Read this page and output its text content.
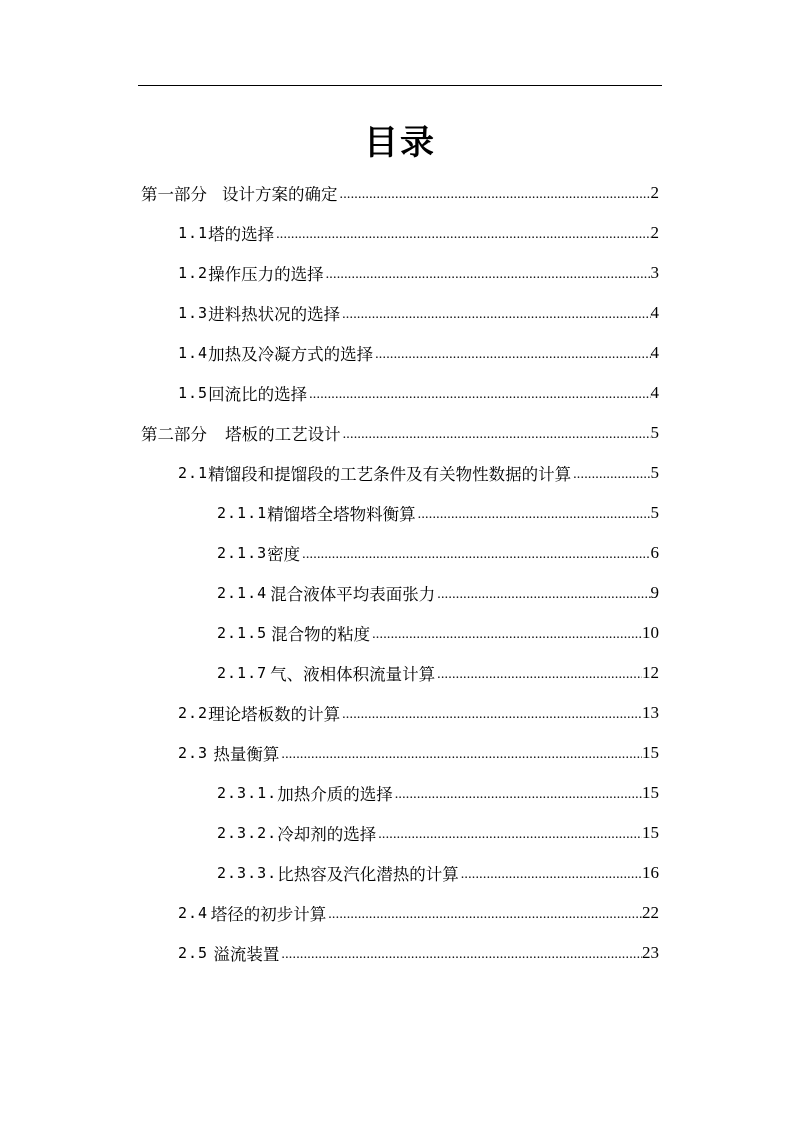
目录
第一部分 设计方案的确定 .....	2
1.1 塔的选择 .....	2
1.2 操作压力的选择 .....	3
1.3 进料热状况的选择 .....	4
1.4 加热及冷凝方式的选择 .....	4
1.5 回流比的选择 .....	4
第二部分 塔板的工艺设计 .....	5
2.1 精馏段和提馏段的工艺条件及有关物性数据的计算 .....	5
2.1.1 精馏塔全塔物料衡算 .....	5
2.1.3 密度 .....	6
2.1.4 混合液体平均表面张力 .....	9
2.1.5 混合物的粘度 .....	10
2.1.7 气、液相体积流量计算 .....	12
2.2 理论塔板数的计算 .....	13
2.3 热量衡算 .....	15
2.3.1. 加热介质的选择 .....	15
2.3.2. 冷却剂的选择 .....	15
2.3.3. 比热容及汽化潜热的计算 .....	16
2.4 塔径的初步计算 .....	22
2.5 溢流装置 .....	23
